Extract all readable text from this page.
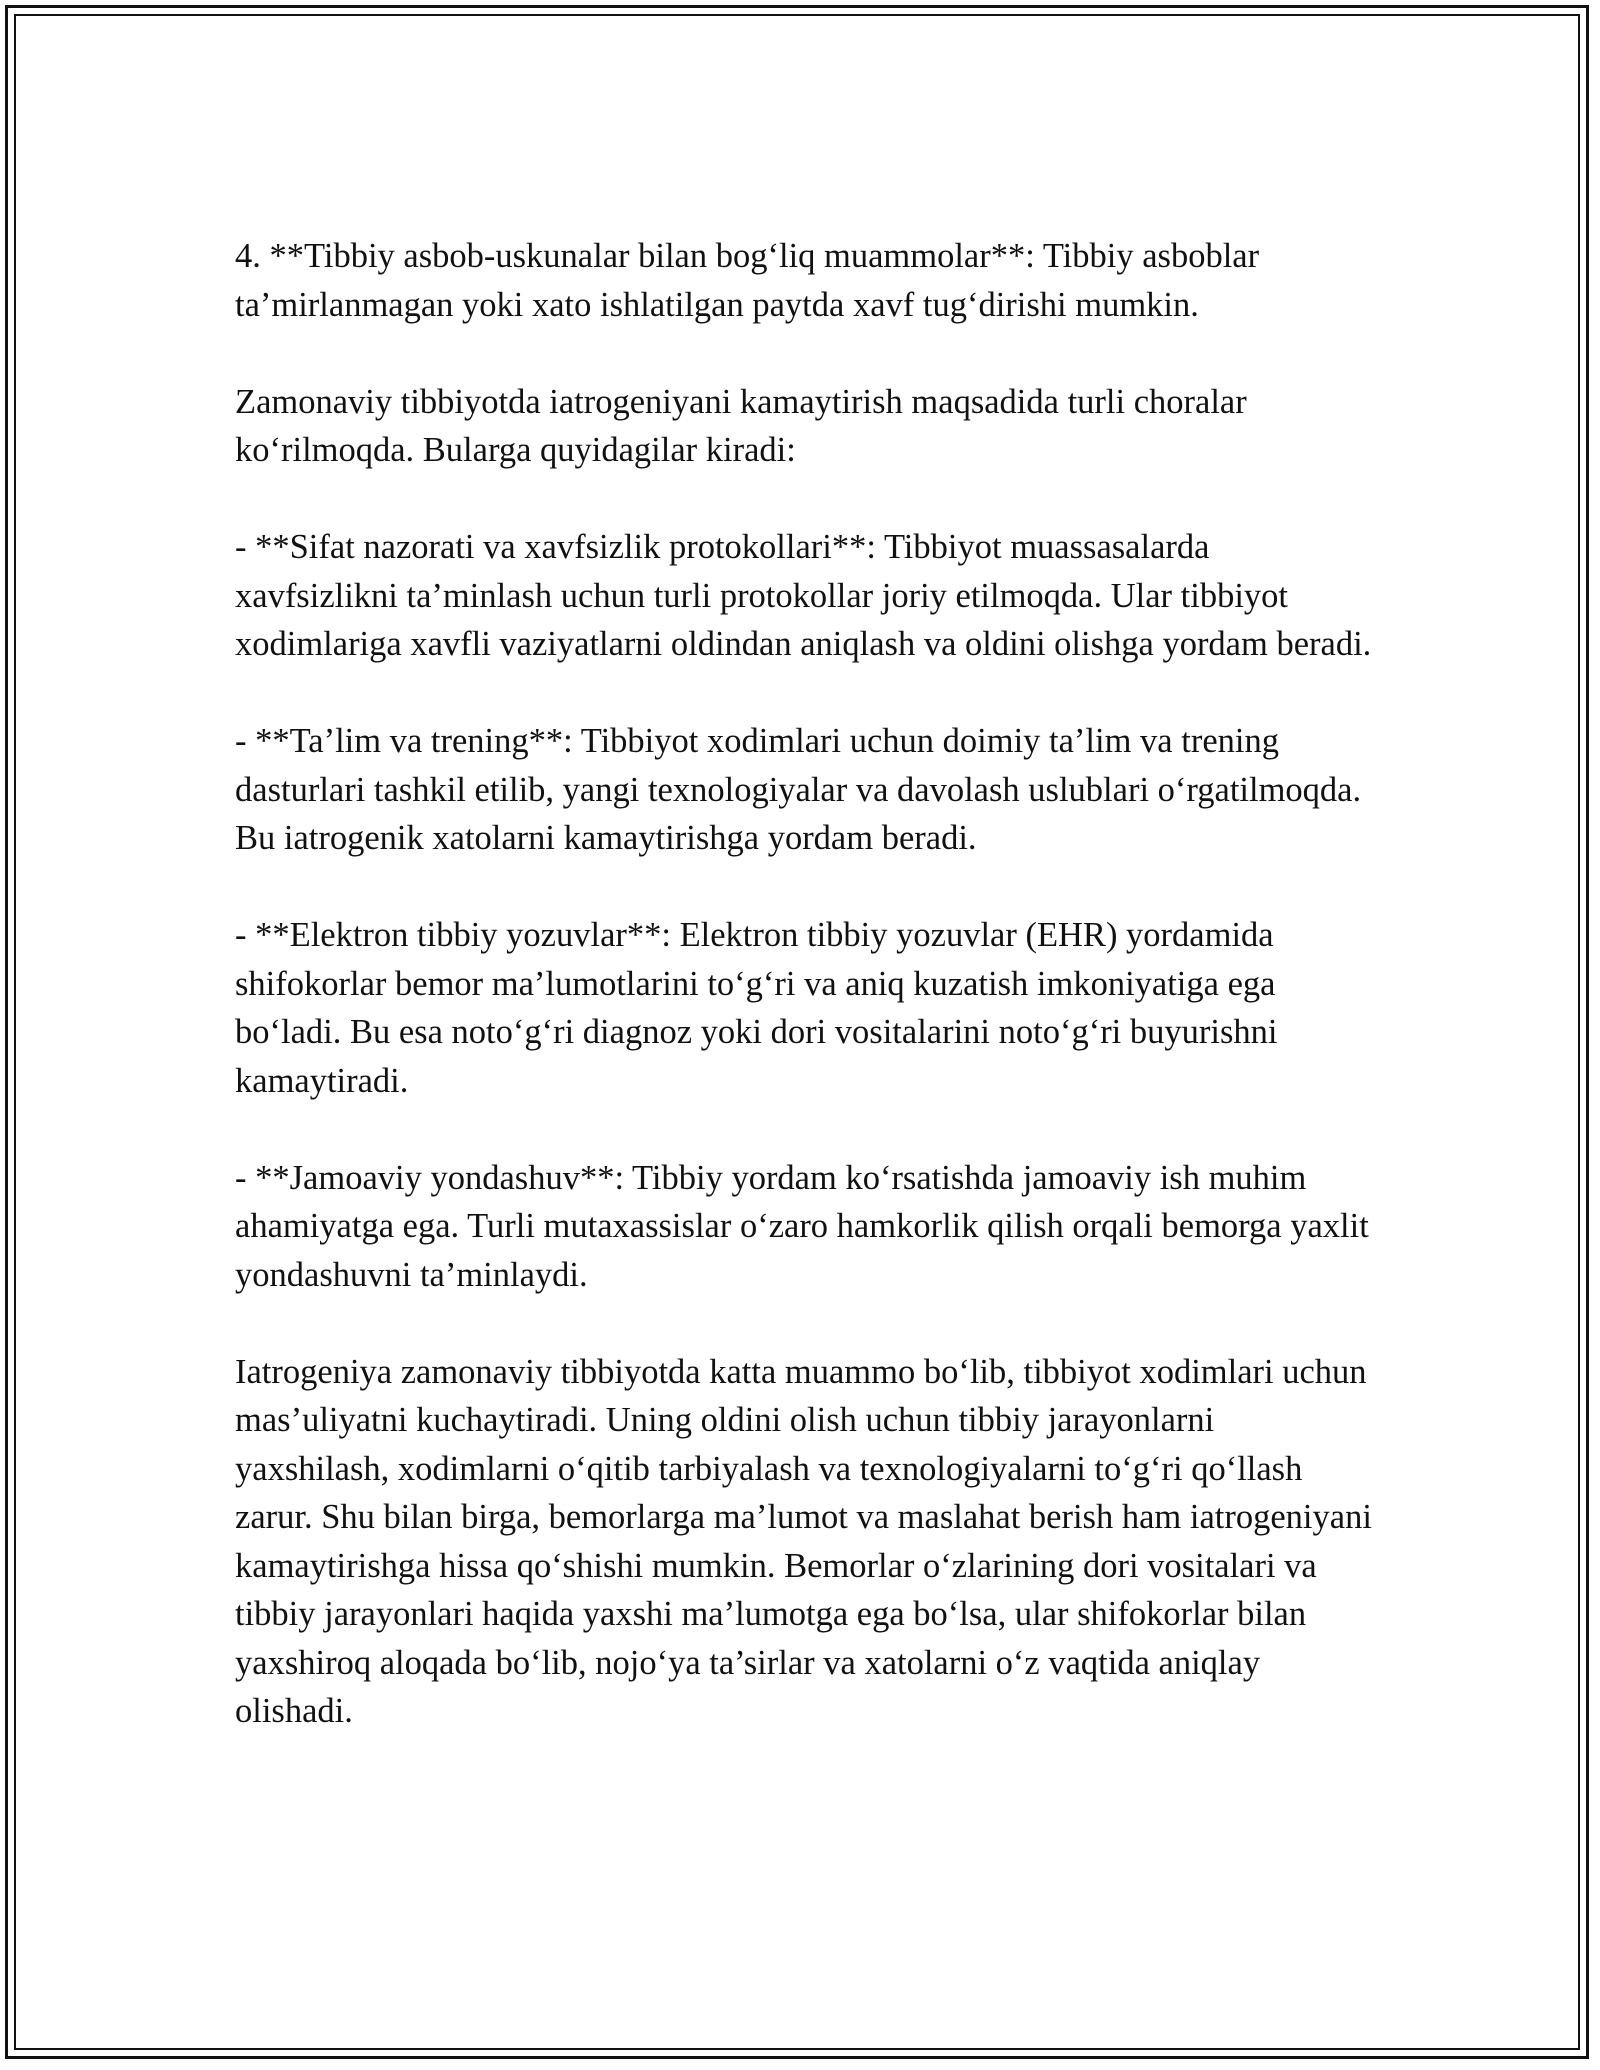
4. **Tibbiy asbob-uskunalar bilan bog‘liq muammolar**: Tibbiy asboblar ta’mirlanmagan yoki xato ishlatilgan paytda xavf tug‘dirishi mumkin.

Zamonaviy tibbiyotda iatrogeniyani kamaytirish maqsadida turli choralar ko‘rilmoqda. Bularga quyidagilar kiradi:

- **Sifat nazorati va xavfsizlik protokollari**: Tibbiyot muassasalarda xavfsizlikni ta’minlash uchun turli protokollar joriy etilmoqda. Ular tibbiyot xodimlariga xavfli vaziyatlarni oldindan aniqlash va oldini olishga yordam beradi.

- **Ta’lim va trening**: Tibbiyot xodimlari uchun doimiy ta’lim va trening dasturlari tashkil etilib, yangi texnologiyalar va davolash uslublari o‘rgatilmoqda. Bu iatrogenik xatolarni kamaytirishga yordam beradi.

- **Elektron tibbiy yozuvlar**: Elektron tibbiy yozuvlar (EHR) yordamida shifokorlar bemor ma’lumotlarini to‘g‘ri va aniq kuzatish imkoniyatiga ega bo‘ladi. Bu esa noto‘g‘ri diagnoz yoki dori vositalarini noto‘g‘ri buyurishni kamaytiradi.

- **Jamoaviy yondashuv**: Tibbiy yordam ko‘rsatishda jamoaviy ish muhim ahamiyatga ega. Turli mutaxassislar o‘zaro hamkorlik qilish orqali bemorga yaxlit yondashuvni ta’minlaydi.

Iatrogeniya zamonaviy tibbiyotda katta muammo bo‘lib, tibbiyot xodimlari uchun mas’uliyatni kuchaytiradi. Uning oldini olish uchun tibbiy jarayonlarni yaxshilash, xodimlarni o‘qitib tarbiyalash va texnologiyalarni to‘g‘ri qo‘llash zarur. Shu bilan birga, bemorlarga ma’lumot va maslahat berish ham iatrogeniyani kamaytirishga hissa qo‘shishi mumkin. Bemorlar o‘zlarining dori vositalari va tibbiy jarayonlari haqida yaxshi ma’lumotga ega bo‘lsa, ular shifokorlar bilan yaxshiroq aloqada bo‘lib, nojo‘ya ta’sirlar va xatolarni o‘z vaqtida aniqlay olishadi.
